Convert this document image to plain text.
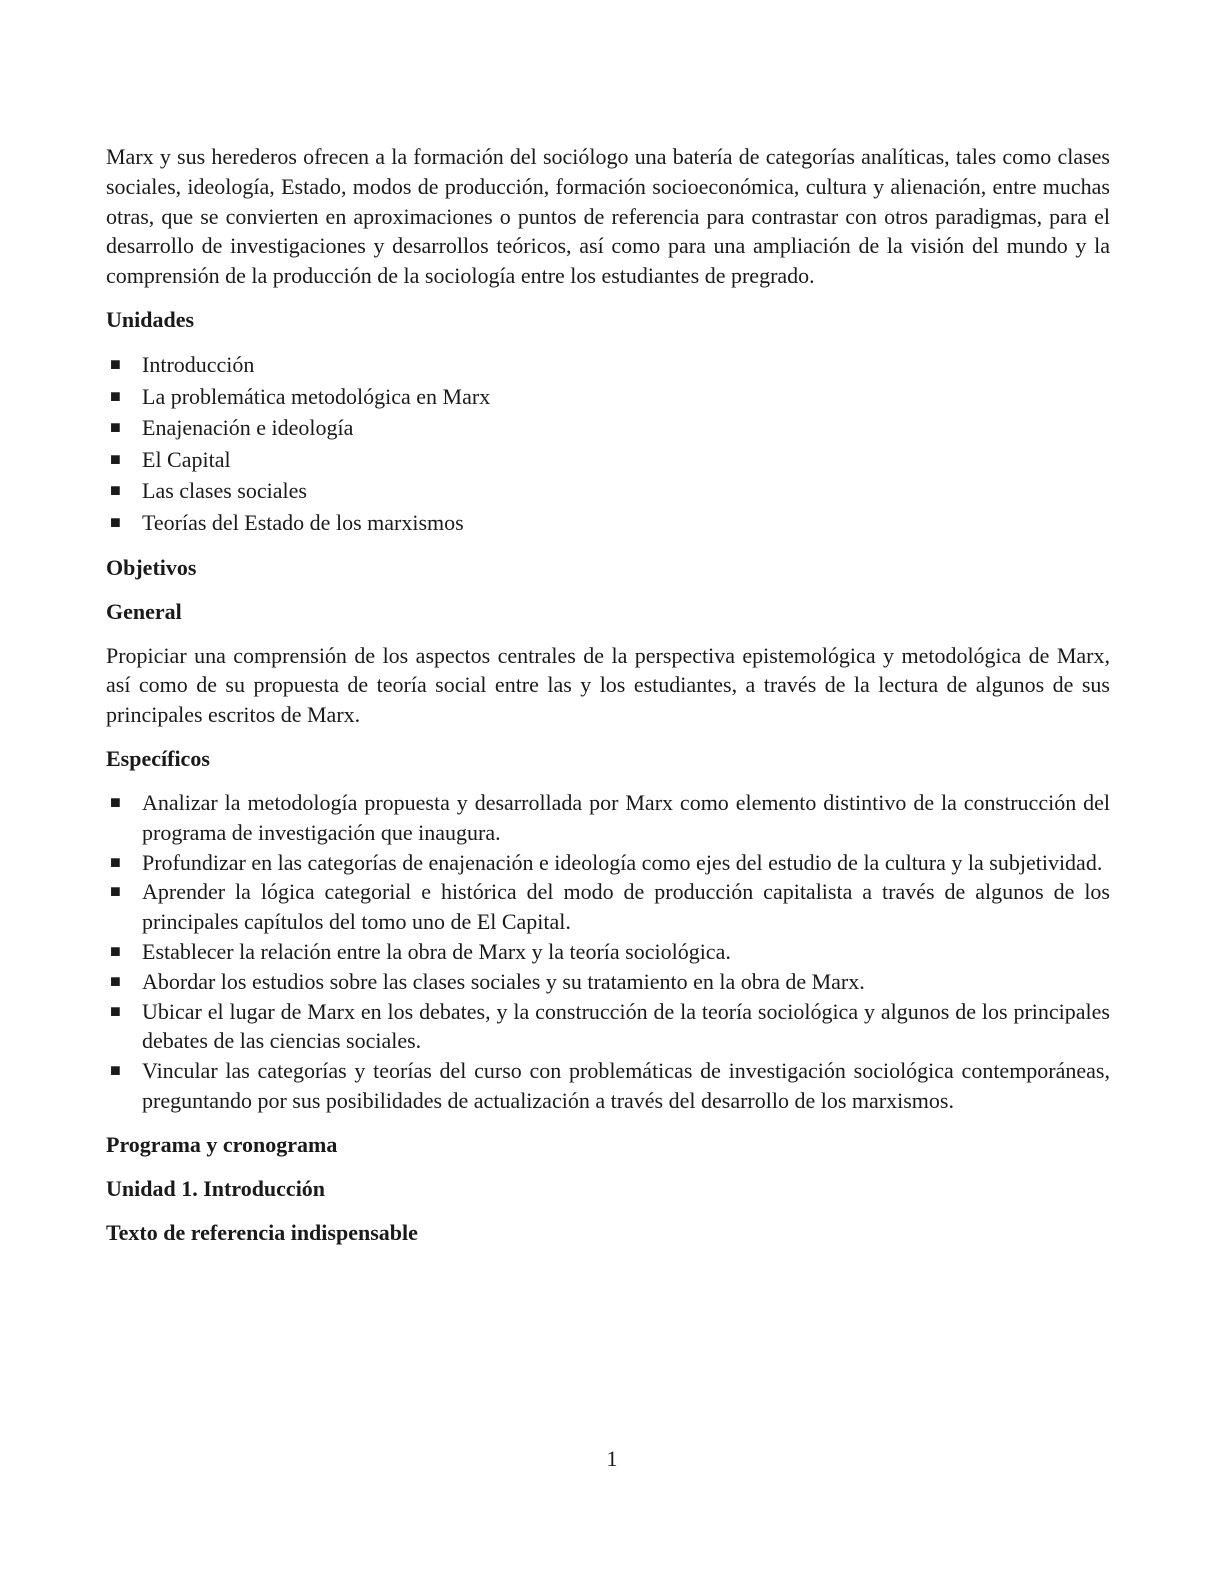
Marx y sus herederos ofrecen a la formación del sociólogo una batería de categorías analíticas, tales como clases sociales, ideología, Estado, modos de producción, formación socioeconómica, cultura y alienación, entre muchas otras, que se convierten en aproximaciones o puntos de referencia para contrastar con otros paradigmas, para el desarrollo de investigaciones y desarrollos teóricos, así como para una ampliación de la visión del mundo y la comprensión de la producción de la sociología entre los estudiantes de pregrado.

Unidades
■ Introducción
■ La problemática metodológica en Marx
■ Enajenación e ideología
■ El Capital
■ Las clases sociales
■ Teorías del Estado de los marxismos
Objetivos
General

Propiciar una comprensión de los aspectos centrales de la perspectiva epistemológica y metodológica de Marx, así como de su propuesta de teoría social entre las y los estudiantes, a través de la lectura de algunos de sus principales escritos de Marx.

Específicos
■ Analizar la metodología propuesta y desarrollada por Marx como elemento distintivo de la construcción del programa de investigación que inaugura.
■ Profundizar en las categorías de enajenación e ideología como ejes del estudio de la cultura y la subjetividad.
■ Aprender la lógica categorial e histórica del modo de producción capitalista a través de algunos de los principales capítulos del tomo uno de El Capital.
■ Establecer la relación entre la obra de Marx y la teoría sociológica.
■ Abordar los estudios sobre las clases sociales y su tratamiento en la obra de Marx.
■ Ubicar el lugar de Marx en los debates, y la construcción de la teoría sociológica y algunos de los principales debates de las ciencias sociales.
■ Vincular las categorías y teorías del curso con problemáticas de investigación sociológica contemporáneas, preguntando por sus posibilidades de actualización a través del desarrollo de los marxismos.
Programa y cronograma
Unidad 1. Introducción
Texto de referencia indispensable
1
